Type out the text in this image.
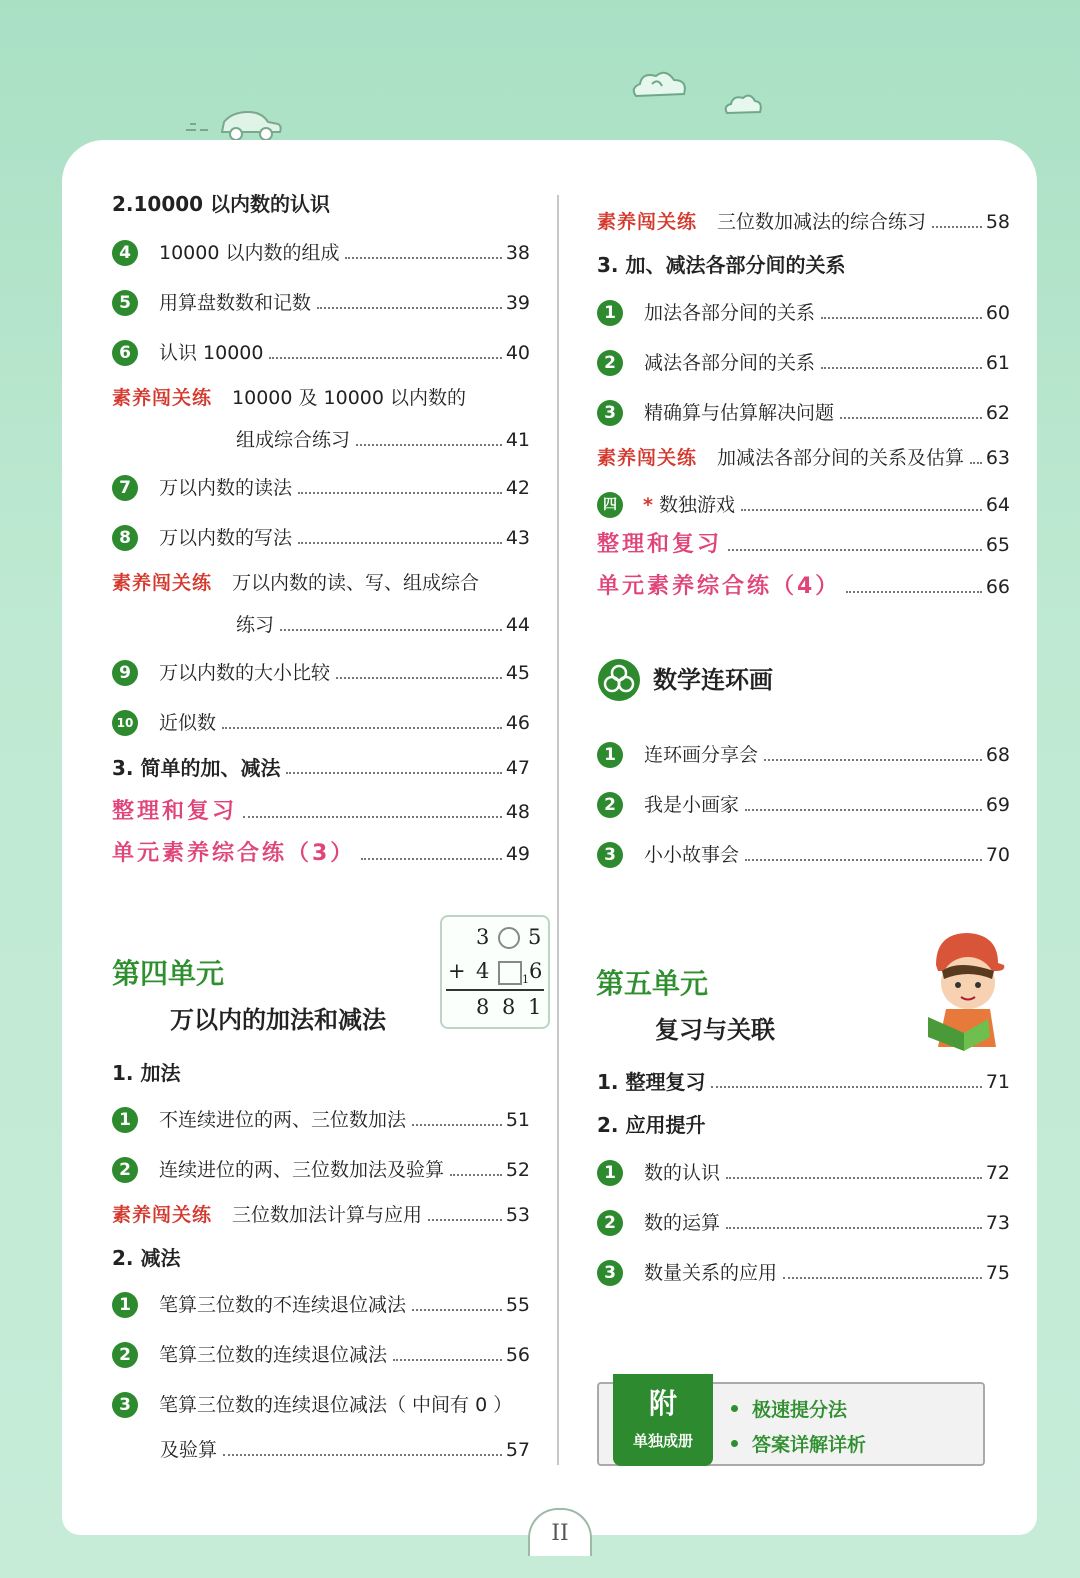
2.10000 以内数的认识
4	10000 以内数的组成	38
5	用算盘数数和记数	39
6	认识 10000	40
素养闯关练 10000 及 10000 以内数的
组成综合练习	41
7	万以内数的读法	42
8	万以内数的写法	43
素养闯关练 万以内数的读、写、组成综合
练习	44
9	万以内数的大小比较	45
10 近似数	46
3. 简单的加、减法	47
整理和复习	48
单元素养综合练（3）	49
第四单元
万以内的加法和减法
3 5
+ 4	1 6
8 8 1
1. 加法
1	不连续进位的两、三位数加法	51
2	连续进位的两、三位数加法及验算	52
素养闯关练 三位数加法计算与应用	53
2. 减法
1	笔算三位数的不连续退位减法	55
2	笔算三位数的连续退位减法	56
3	笔算三位数的连续退位减法（ 中间有 0 ）
及验算	57
素养闯关练 三位数加减法的综合练习	58
3. 加、减法各部分间的关系
1	加法各部分间的关系	60
2	减法各部分间的关系	61
3	精确算与估算解决问题	62
素养闯关练 加减法各部分间的关系及估算 63
四	* 数独游戏	64
整理和复习	65
单元素养综合练（4）	66
数学连环画
1	连环画分享会	68
2	我是小画家	69
3	小小故事会	70
第五单元
复习与关联
1. 整理复习	71
2. 应用提升
1	数的认识	72
2	数的运算	73
3	数量关系的应用	75
附
单独成册
极速提分法
答案详解详析
II
